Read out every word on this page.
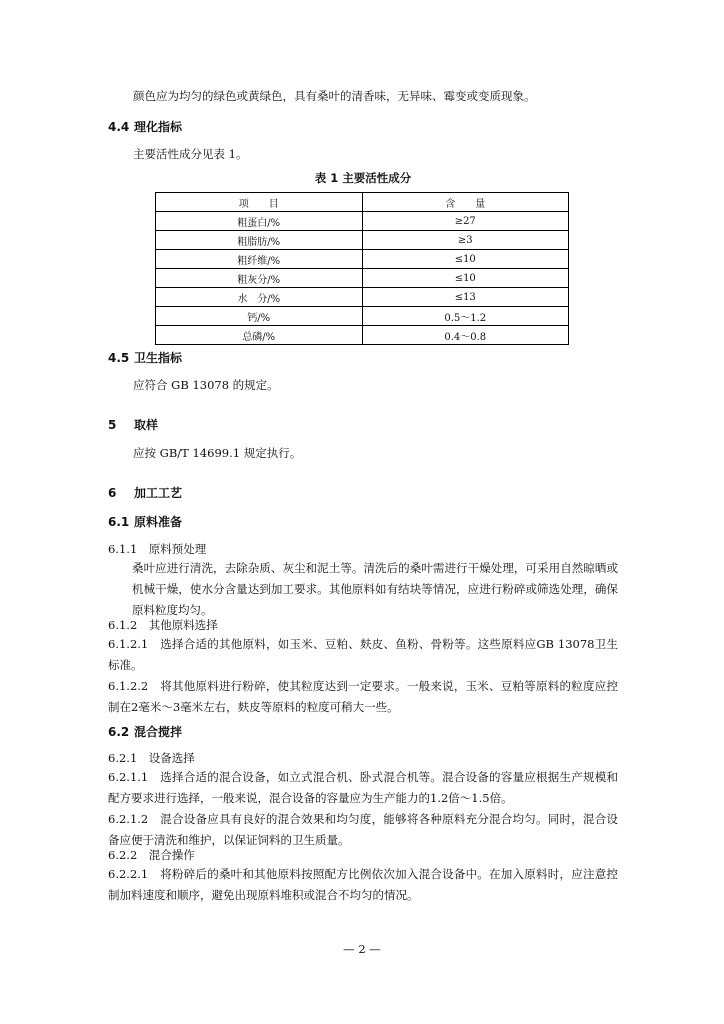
颜色应为均匀的绿色或黄绿色，具有桑叶的清香味，无异味、霉变或变质现象。
4.4 理化指标
主要活性成分见表 1。
表 1 主要活性成分
项　　目	含　　量
粗蛋白/%	≥27
粗脂肪/%	≥3
粗纤维/%	≤10
粗灰分/%	≤10
水　分/%	≤13
钙/%	0.5～1.2
总磷/%	0.4～0.8
4.5 卫生指标
应符合 GB 13078 的规定。
5 取样
应按 GB/T 14699.1 规定执行。
6 加工工艺
6.1 原料准备
6.1.1　原料预处理
桑叶应进行清洗，去除杂质、灰尘和泥土等。清洗后的桑叶需进行干燥处理，可采用自然晾晒或机械干燥，使水分含量达到加工要求。其他原料如有结块等情况，应进行粉碎或筛选处理，确保原料粒度均匀。
6.1.2　其他原料选择
6.1.2.1　选择合适的其他原料，如玉米、豆粕、麸皮、鱼粉、骨粉等。这些原料应GB 13078卫生标准。
6.1.2.2　将其他原料进行粉碎，使其粒度达到一定要求。一般来说，玉米、豆粕等原料的粒度应控制在2毫米～3毫米左右，麸皮等原料的粒度可稍大一些。
6.2 混合搅拌
6.2.1　设备选择
6.2.1.1　选择合适的混合设备，如立式混合机、卧式混合机等。混合设备的容量应根据生产规模和配方要求进行选择，一般来说，混合设备的容量应为生产能力的1.2倍～1.5倍。
6.2.1.2　混合设备应具有良好的混合效果和均匀度，能够将各种原料充分混合均匀。同时，混合设备应便于清洗和维护，以保证饲料的卫生质量。
6.2.2　混合操作
6.2.2.1　将粉碎后的桑叶和其他原料按照配方比例依次加入混合设备中。在加入原料时，应注意控制加料速度和顺序，避免出现原料堆积或混合不均匀的情况。
— 2 —
